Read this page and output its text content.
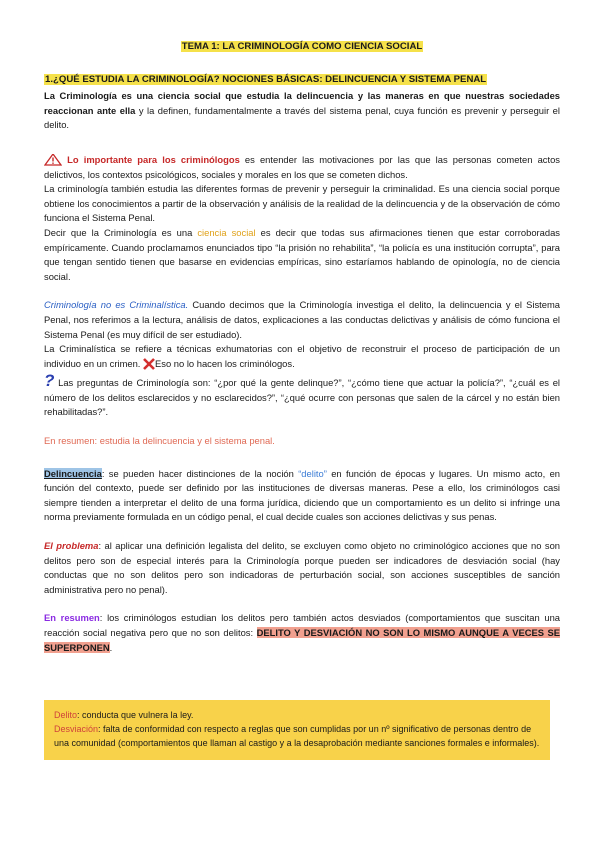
TEMA 1: LA CRIMINOLOGÍA COMO CIENCIA SOCIAL
1.¿QUÉ ESTUDIA LA CRIMINOLOGÍA? NOCIONES BÁSICAS: DELINCUENCIA Y SISTEMA PENAL

La Criminología es una ciencia social que estudia la delincuencia y las maneras en que nuestras sociedades reaccionan ante ella y la definen, fundamentalmente a través del sistema penal, cuya función es prevenir y perseguir el delito.

Lo importante para los criminólogos es entender las motivaciones por las que las personas cometen actos delictivos, los contextos psicológicos, sociales y morales en los que se cometen dichos.

La criminología también estudia las diferentes formas de prevenir y perseguir la criminalidad. Es una ciencia social porque obtiene los conocimientos a partir de la observación y análisis de la realidad de la delincuencia y de la observación de cómo funciona el Sistema Penal.

Decir que la Criminología es una ciencia social es decir que todas sus afirmaciones tienen que estar corroboradas empíricamente. Cuando proclamamos enunciados tipo “la prisión no rehabilita”, “la policía es una institución corrupta”, para que tengan sentido tienen que basarse en evidencias empíricas, sino estaríamos hablando de opinología, no de ciencia social.

Criminología no es Criminalística. Cuando decimos que la Criminología investiga el delito, la delincuencia y el Sistema Penal, nos referimos a la lectura, análisis de datos, explicaciones a las conductas delictivas y análisis de cómo funciona el Sistema Penal (es muy difícil de ser estudiado).

La Criminalística se refiere a técnicas exhumatorias con el objetivo de reconstruir el proceso de participación de un individuo en un crimen. Eso no lo hacen los criminólogos.

? Las preguntas de Criminología son: “¿por qué la gente delinque?”, “¿cómo tiene que actuar la policía?”, “¿cuál es el número de los delitos esclarecidos y no esclarecidos?”, “¿qué ocurre con personas que salen de la cárcel y no están bien rehabilitadas?”.

En resumen: estudia la delincuencia y el sistema penal.

Delincuencia: se pueden hacer distinciones de la noción “delito” en función de épocas y lugares. Un mismo acto, en función del contexto, puede ser definido por las instituciones de diversas maneras. Pese a ello, los criminólogos casi siempre tienden a interpretar el delito de una forma jurídica, diciendo que un comportamiento es un delito si infringe una norma previamente formulada en un código penal, el cual decide cuales son acciones delictivas y sus penas.

El problema: al aplicar una definición legalista del delito, se excluyen como objeto no criminológico acciones que no son delitos pero son de especial interés para la Criminología porque pueden ser indicadores de desviación social (hay conductas que no son delitos pero son indicadoras de perturbación social, son acciones susceptibles de sanción administrativa pero no penal).

En resumen: los criminólogos estudian los delitos pero también actos desviados (comportamientos que suscitan una reacción social negativa pero que no son delitos: DELITO Y DESVIACIÓN NO SON LO MISMO AUNQUE A VECES SE SUPERPONEN.

Delito: conducta que vulnera la ley.
Desviación: falta de conformidad con respecto a reglas que son cumplidas por un nº significativo de personas dentro de una comunidad (comportamientos que llaman al castigo y a la desaprobación mediante sanciones formales e informales).
